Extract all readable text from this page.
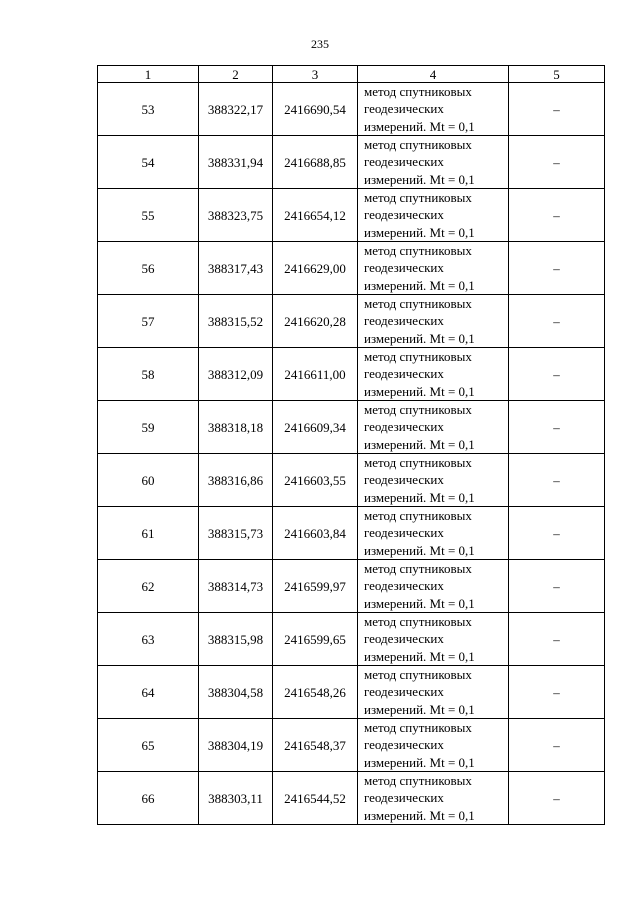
235
1	2	3	4	5
53	388322,17	2416690,54	метод спутниковых
геодезических
измерений. Mt = 0,1	–
54	388331,94	2416688,85	метод спутниковых
геодезических
измерений. Mt = 0,1	–
55	388323,75	2416654,12	метод спутниковых
геодезических
измерений. Mt = 0,1	–
56	388317,43	2416629,00	метод спутниковых
геодезических
измерений. Mt = 0,1	–
57	388315,52	2416620,28	метод спутниковых
геодезических
измерений. Mt = 0,1	–
58	388312,09	2416611,00	метод спутниковых
геодезических
измерений. Mt = 0,1	–
59	388318,18	2416609,34	метод спутниковых
геодезических
измерений. Mt = 0,1	–
60	388316,86	2416603,55	метод спутниковых
геодезических
измерений. Mt = 0,1	–
61	388315,73	2416603,84	метод спутниковых
геодезических
измерений. Mt = 0,1	–
62	388314,73	2416599,97	метод спутниковых
геодезических
измерений. Mt = 0,1	–
63	388315,98	2416599,65	метод спутниковых
геодезических
измерений. Mt = 0,1	–
64	388304,58	2416548,26	метод спутниковых
геодезических
измерений. Mt = 0,1	–
65	388304,19	2416548,37	метод спутниковых
геодезических
измерений. Mt = 0,1	–
66	388303,11	2416544,52	метод спутниковых
геодезических
измерений. Mt = 0,1	–
